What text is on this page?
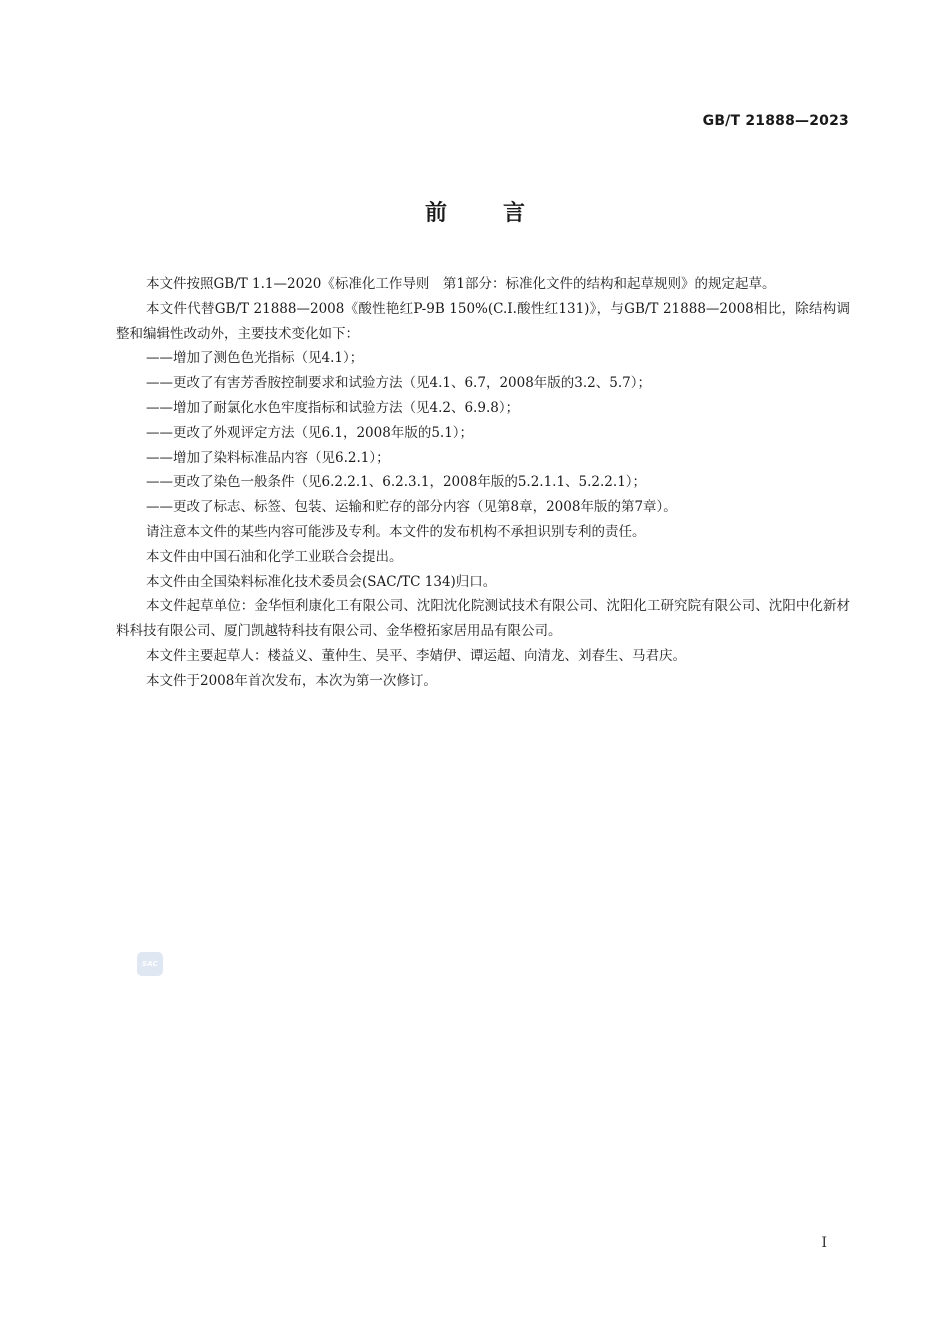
GB/T 21888—2023
前言

本文件按照GB/T 1.1—2020《标准化工作导则　第1部分：标准化文件的结构和起草规则》的规定起草。

本文件代替GB/T 21888—2008《酸性艳红P-9B 150%(C.I.酸性红131)》，与GB/T 21888—2008相比，除结构调整和编辑性改动外，主要技术变化如下：

——增加了测色色光指标（见4.1）；

——更改了有害芳香胺控制要求和试验方法（见4.1、6.7，2008年版的3.2、5.7）；

——增加了耐氯化水色牢度指标和试验方法（见4.2、6.9.8）；

——更改了外观评定方法（见6.1，2008年版的5.1）；

——增加了染料标准品内容（见6.2.1）；

——更改了染色一般条件（见6.2.2.1、6.2.3.1，2008年版的5.2.1.1、5.2.2.1）；

——更改了标志、标签、包装、运输和贮存的部分内容（见第8章，2008年版的第7章）。

请注意本文件的某些内容可能涉及专利。本文件的发布机构不承担识别专利的责任。

本文件由中国石油和化学工业联合会提出。

本文件由全国染料标准化技术委员会(SAC/TC 134)归口。

本文件起草单位：金华恒利康化工有限公司、沈阳沈化院测试技术有限公司、沈阳化工研究院有限公司、沈阳中化新材料科技有限公司、厦门凯越特科技有限公司、金华橙拓家居用品有限公司。

本文件主要起草人：楼益义、董仲生、吴平、李婧伊、谭运超、向清龙、刘春生、马君庆。

本文件于2008年首次发布，本次为第一次修订。

SAC
I
